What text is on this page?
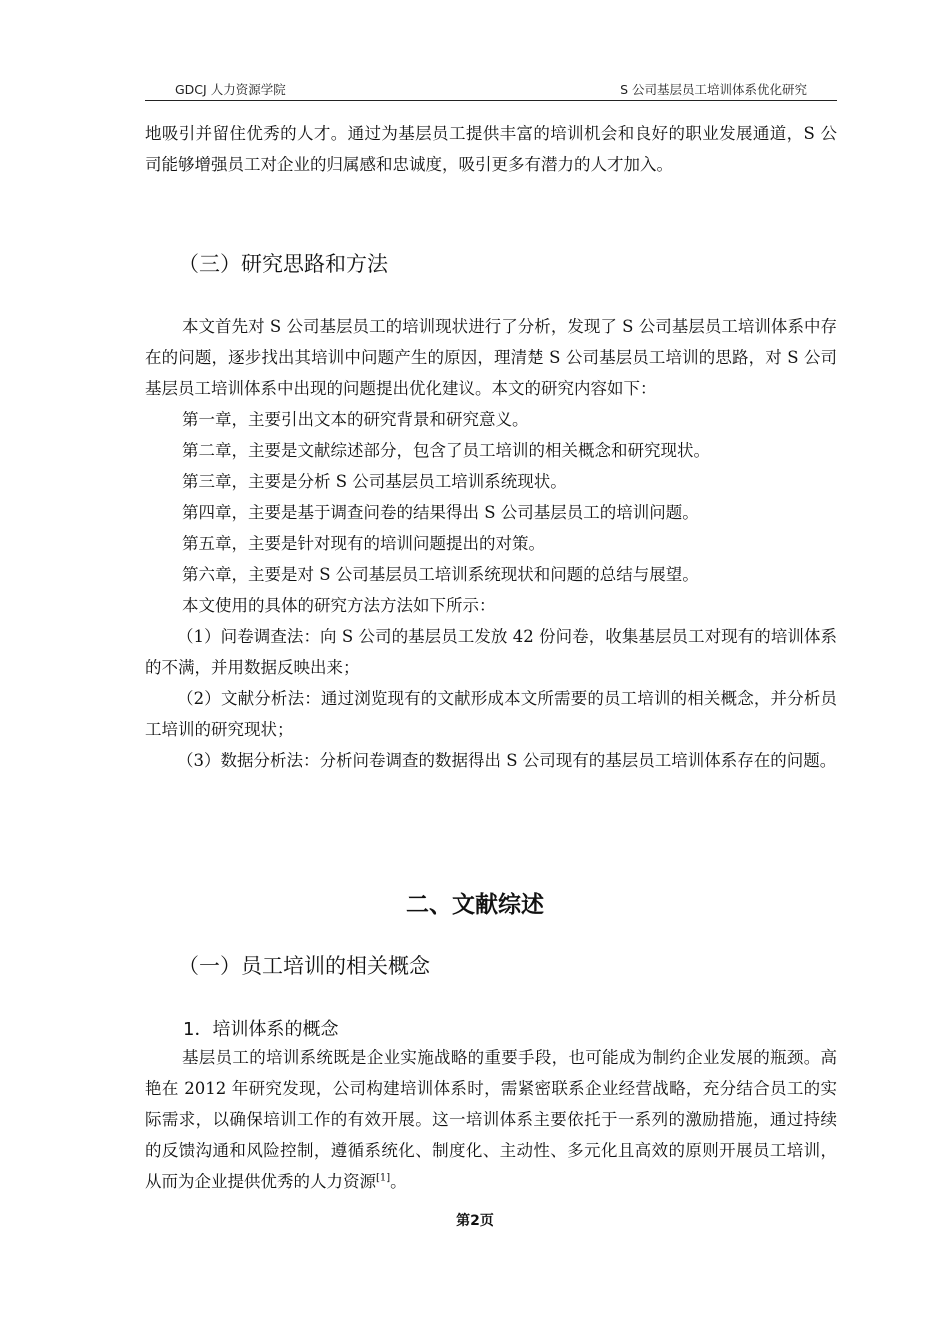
GDCJ 人力资源学院	S 公司基层员工培训体系优化研究

地吸引并留住优秀的人才。通过为基层员工提供丰富的培训机会和良好的职业发展通道，S 公司能够增强员工对企业的归属感和忠诚度，吸引更多有潜力的人才加入。

（三）研究思路和方法

本文首先对 S 公司基层员工的培训现状进行了分析，发现了 S 公司基层员工培训体系中存在的问题，逐步找出其培训中问题产生的原因，理清楚 S 公司基层员工培训的思路，对 S 公司基层员工培训体系中出现的问题提出优化建议。本文的研究内容如下：

第一章，主要引出文本的研究背景和研究意义。

第二章，主要是文献综述部分，包含了员工培训的相关概念和研究现状。

第三章，主要是分析 S 公司基层员工培训系统现状。

第四章，主要是基于调查问卷的结果得出 S 公司基层员工的培训问题。

第五章，主要是针对现有的培训问题提出的对策。

第六章，主要是对 S 公司基层员工培训系统现状和问题的总结与展望。

本文使用的具体的研究方法方法如下所示：

（1）问卷调查法：向 S 公司的基层员工发放 42 份问卷，收集基层员工对现有的培训体系的不满，并用数据反映出来；

（2）文献分析法：通过浏览现有的文献形成本文所需要的员工培训的相关概念，并分析员工培训的研究现状；

（3）数据分析法：分析问卷调查的数据得出 S 公司现有的基层员工培训体系存在的问题。

二、文献综述
（一）员工培训的相关概念
1．培训体系的概念

基层员工的培训系统既是企业实施战略的重要手段，也可能成为制约企业发展的瓶颈。高艳在 2012 年研究发现，公司构建培训体系时，需紧密联系企业经营战略，充分结合员工的实际需求，以确保培训工作的有效开展。这一培训体系主要依托于一系列的激励措施，通过持续的反馈沟通和风险控制，遵循系统化、制度化、主动性、多元化且高效的原则开展员工培训，从而为企业提供优秀的人力资源[1]。

第2页
